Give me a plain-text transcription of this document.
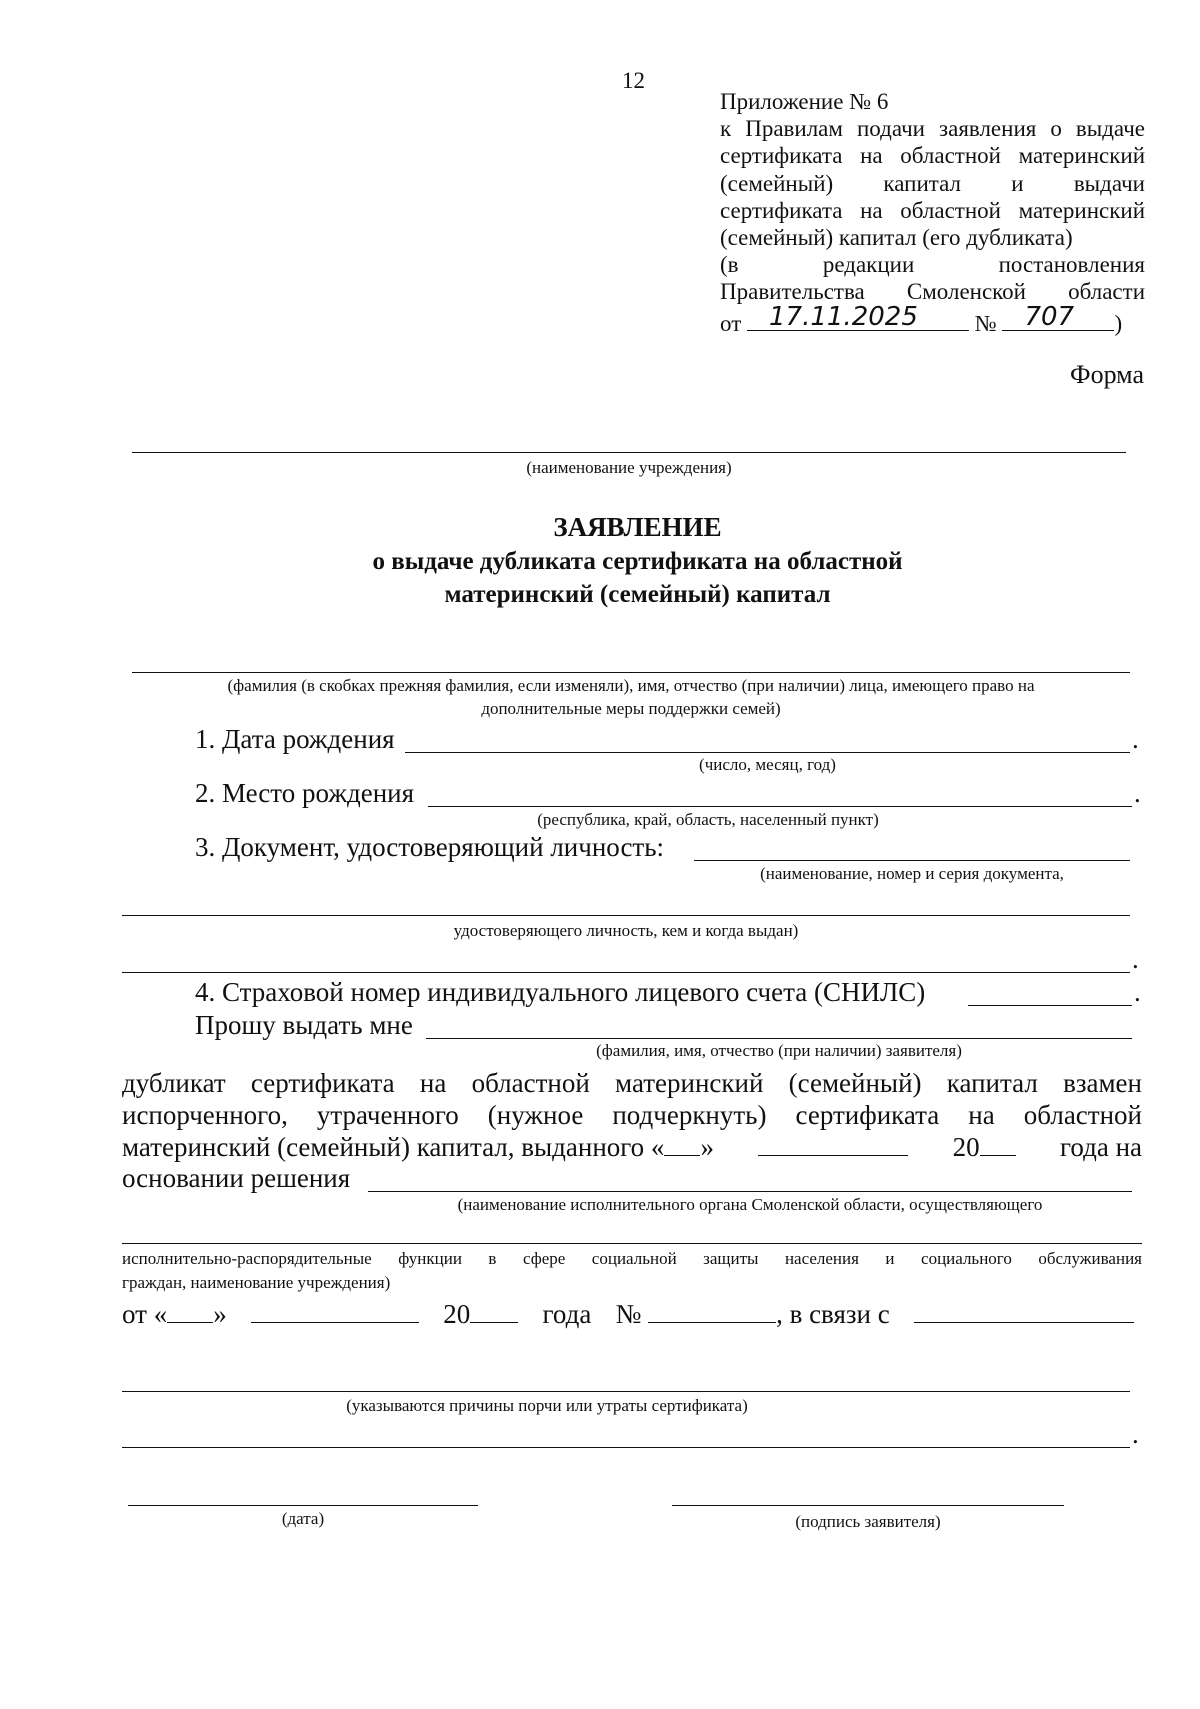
12
Приложение № 6
к Правилам подачи заявления о выдаче
сертификата на областной материнский
(семейный) капитал и выдачи
сертификата на областной материнский
(семейный) капитал (его дубликата)
(в редакции постановления
Правительства Смоленской области
от 17.11.2025 № 707 )
Форма
(наименование учреждения)
ЗАЯВЛЕНИЕ
о выдаче дубликата сертификата на областной
материнский (семейный) капитал
(фамилия (в скобках прежняя фамилия, если изменяли), имя, отчество (при наличии) лица, имеющего право на
дополнительные меры поддержки семей)
1. Дата рождения	.
(число, месяц, год)
2. Место рождения	.
(республика, край, область, населенный пункт)
3. Документ, удостоверяющий личность:
(наименование, номер и серия документа,
удостоверяющего личность, кем и когда выдан)
.
4. Страховой номер индивидуального лицевого счета (СНИЛС)	.
Прошу выдать мне
(фамилия, имя, отчество (при наличии) заявителя)
дубликат сертификата на областной материнский (семейный) капитал взамен
испорченного, утраченного (нужное подчеркнуть) сертификата на областной
материнский (семейный) капитал, выданного « »	20	года на
основании решения
(наименование исполнительного органа Смоленской области, осуществляющего
исполнительно-распорядительные функции в сфере социальной защиты населения и социального обслуживания
граждан, наименование учреждения)
от « »	20	года №	, в связи с
(указываются причины порчи или утраты сертификата)
.
(дата)	(подпись заявителя)
